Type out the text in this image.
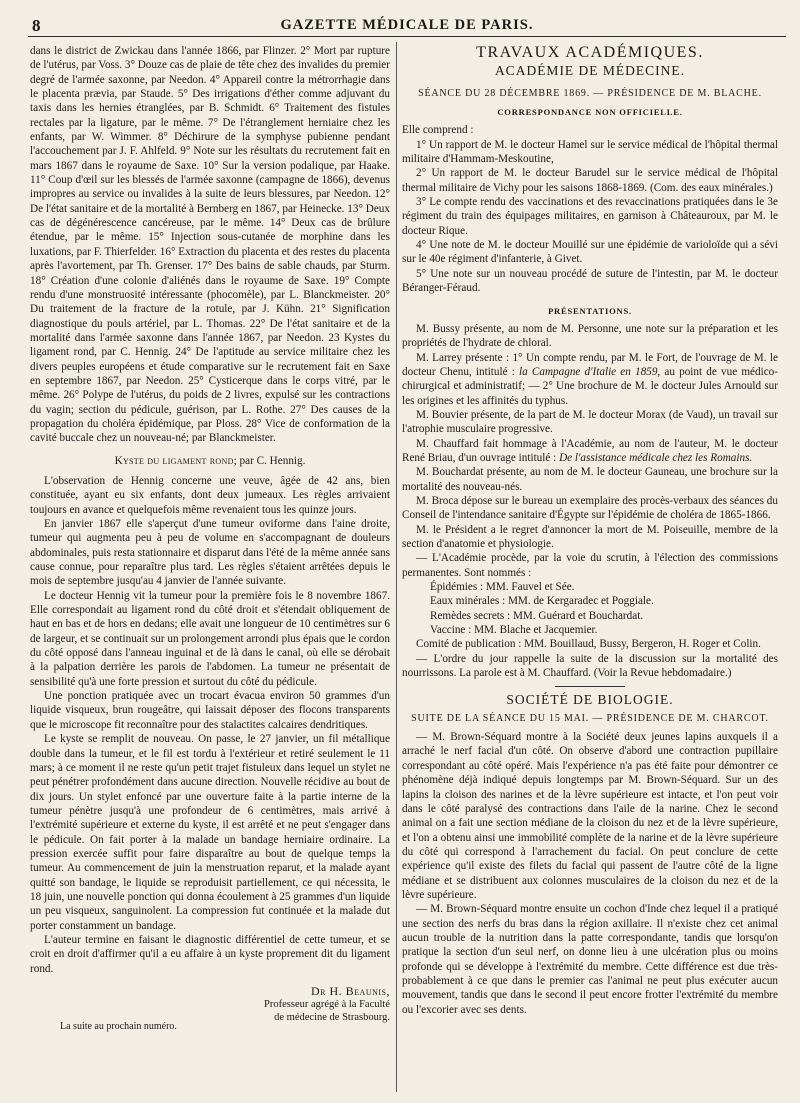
8	GAZETTE MÉDICALE DE PARIS.

dans le district de Zwickau dans l'année 1866, par Flinzer. 2° Mort par rupture de l'utérus, par Voss. 3° Douze cas de plaie de tête chez des invalides du premier degré de l'armée saxonne, par Needon. 4° Appareil contre la métrorrhagie dans le placenta prævia, par Staude. 5° Des irrigations d'éther comme adjuvant du taxis dans les hernies étranglées, par B. Schmidt. 6° Traitement des fistules rectales par la ligature, par le même. 7° De l'étranglement herniaire chez les enfants, par W. Wimmer. 8° Déchirure de la symphyse pubienne pendant l'accouchement par J. F. Ahlfeld. 9° Note sur les résultats du recrutement fait en mars 1867 dans le royaume de Saxe. 10° Sur la version podalique, par Haake. 11° Coup d'œil sur les blessés de l'armée saxonne (campagne de 1866), devenus impropres au service ou invalides à la suite de leurs blessures, par Needon. 12° De l'état sanitaire et de la mortalité à Bernberg en 1867, par Heinecke. 13° Deux cas de dégénérescence cancéreuse, par le même. 14° Deux cas de brûlure étendue, par le même. 15° Injection sous-cutanée de morphine dans les luxations, par F. Thierfelder. 16° Extraction du placenta et des restes du placenta après l'avortement, par Th. Grenser. 17° Des bains de sable chauds, par Sturm. 18° Création d'une colonie d'aliénés dans le royaume de Saxe. 19° Compte rendu d'une monstruosité intéressante (phocomèle), par L. Blanckmeister. 20° Du traitement de la fracture de la rotule, par J. Kühn. 21° Signification diagnostique du pouls artériel, par L. Thomas. 22° De l'état sanitaire et de la mortalité dans l'armée saxonne dans l'année 1867, par Needon. 23 Kystes du ligament rond, par C. Hennig. 24° De l'aptitude au service militaire chez les divers peuples européens et étude comparative sur le recrutement fait en Saxe en septembre 1867, par Needon. 25° Cysticerque dans le corps vitré, par le même. 26° Polype de l'utérus, du poids de 2 livres, expulsé sur les contractions du vagin; section du pédicule, guérison, par L. Rothe. 27° Des causes de la propagation du choléra épidémique, par Ploss. 28° Vice de conformation de la cavité buccale chez un nouveau-né; par Blanckmeister.

Kyste du ligament rond; par C. Hennig.

L'observation de Hennig concerne une veuve, âgée de 42 ans, bien constituée, ayant eu six enfants, dont deux jumeaux. Les règles arrivaient toujours en avance et quelquefois même revenaient tous les quinze jours.

En janvier 1867 elle s'aperçut d'une tumeur oviforme dans l'aine droite, tumeur qui augmenta peu à peu de volume en s'accompagnant de douleurs abdominales, puis resta stationnaire et disparut dans l'été de la même année sans cause connue, pour reparaître plus tard. Les règles s'étaient arrêtées depuis le mois de septembre jusqu'au 4 janvier de l'année suivante.

Le docteur Hennig vit la tumeur pour la première fois le 8 novembre 1867. Elle correspondait au ligament rond du côté droit et s'étendait obliquement de haut en bas et de hors en dedans; elle avait une longueur de 10 centimètres sur 6 de largeur, et se continuait sur un prolongement arrondi plus épais que le cordon du côté opposé dans l'anneau inguinal et de là dans le canal, où elle se dérobait à la palpation derrière les parois de l'abdomen. La tumeur ne présentait de sensibilité qu'à une forte pression et surtout du côté du pédicule.

Une ponction pratiquée avec un trocart évacua environ 50 grammes d'un liquide visqueux, brun rougeâtre, qui laissait déposer des flocons transparents que le microscope fit reconnaître pour des stalactites calcaires dendritiques.

Le kyste se remplit de nouveau. On passe, le 27 janvier, un fil métallique double dans la tumeur, et le fil est tordu à l'extérieur et retiré seulement le 11 mars; à ce moment il ne reste qu'un petit trajet fistuleux dans lequel un stylet ne peut pénétrer profondément dans aucune direction. Nouvelle récidive au bout de dix jours. Un stylet enfoncé par une ouverture faite à la partie interne de la tumeur pénètre jusqu'à une profondeur de 6 centimètres, mais arrivé à l'extrémité supérieure et externe du kyste, il est arrêté et ne peut s'engager dans le pédicule. On fait porter à la malade un bandage herniaire ordinaire. La pression exercée suffit pour faire disparaître au bout de quelque temps la tumeur. Au commencement de juin la menstruation reparut, et la malade ayant quitté son bandage, le liquide se reproduisit partiellement, ce qui nécessita, le 18 juin, une nouvelle ponction qui donna écoulement à 25 grammes d'un liquide un peu visqueux, sanguinolent. La compression fut continuée et la malade dut porter constamment un bandage.

L'auteur termine en faisant le diagnostic différentiel de cette tumeur, et se croit en droit d'affirmer qu'il a eu affaire à un kyste proprement dit du ligament rond.

Dr H. Beaunis,
Professeur agrégé à la Faculté
de médecine de Strasbourg.

La suite au prochain numéro.

TRAVAUX ACADÉMIQUES.
ACADÉMIE DE MÉDECINE.
SÉANCE DU 28 DÉCEMBRE 1869. — PRÉSIDENCE DE M. BLACHE.
CORRESPONDANCE NON OFFICIELLE.

Elle comprend :

1° Un rapport de M. le docteur Hamel sur le service médical de l'hôpital thermal militaire d'Hammam-Meskoutine,

2° Un rapport de M. le docteur Barudel sur le service médical de l'hôpital thermal militaire de Vichy pour les saisons 1868-1869. (Com. des eaux minérales.)

3° Le compte rendu des vaccinations et des revaccinations pratiquées dans le 3e régiment du train des équipages militaires, en garnison à Châteauroux, par M. le docteur Rique.

4° Une note de M. le docteur Mouillé sur une épidémie de varioloïde qui a sévi sur le 40e régiment d'infanterie, à Givet.

5° Une note sur un nouveau procédé de suture de l'intestin, par M. le docteur Béranger-Féraud.

PRÉSENTATIONS.

M. Bussy présente, au nom de M. Personne, une note sur la préparation et les propriétés de l'hydrate de chloral.

M. Larrey présente : 1° Un compte rendu, par M. le Fort, de l'ouvrage de M. le docteur Chenu, intitulé : la Campagne d'Italie en 1859, au point de vue médico-chirurgical et administratif; — 2° Une brochure de M. le docteur Jules Arnould sur les origines et les affinités du typhus.

M. Bouvier présente, de la part de M. le docteur Morax (de Vaud), un travail sur l'atrophie musculaire progressive.

M. Chauffard fait hommage à l'Académie, au nom de l'auteur, M. le docteur René Briau, d'un ouvrage intitulé : De l'assistance médicale chez les Romains.

M. Bouchardat présente, au nom de M. le docteur Gauneau, une brochure sur la mortalité des nouveau-nés.

M. Broca dépose sur le bureau un exemplaire des procès-verbaux des séances du Conseil de l'intendance sanitaire d'Égypte sur l'épidémie de choléra de 1865-1866.

M. le Président a le regret d'annoncer la mort de M. Poiseuille, membre de la section d'anatomie et physiologie.

— L'Académie procède, par la voie du scrutin, à l'élection des commissions permanentes. Sont nommés :

Épidémies : MM. Fauvel et Sée.
Eaux minérales : MM. de Kergaradec et Poggiale.
Remèdes secrets : MM. Guérard et Bouchardat.
Vaccine : MM. Blache et Jacquemier.

Comité de publication : MM. Bouillaud, Bussy, Bergeron, H. Roger et Colin.

— L'ordre du jour rappelle la suite de la discussion sur la mortalité des nourrissons. La parole est à M. Chauffard. (Voir la Revue hebdomadaire.)

SOCIÉTÉ DE BIOLOGIE.
SUITE DE LA SÉANCE DU 15 MAI. — PRÉSIDENCE DE M. CHARCOT.

— M. Brown-Séquard montre à la Société deux jeunes lapins auxquels il a arraché le nerf facial d'un côté. On observe d'abord une contraction pupillaire correspondant au côté opéré. Mais l'expérience n'a pas été faite pour démontrer ce phénomène déjà indiqué depuis longtemps par M. Brown-Séquard. Sur un des lapins la cloison des narines et de la lèvre supérieure est intacte, et l'on peut voir dans le côté paralysé des contractions dans l'aile de la narine. Chez le second animal on a fait une section médiane de la cloison du nez et de la lèvre supérieure, et l'on a obtenu ainsi une immobilité complète de la narine et de la lèvre supérieure du côté qui correspond à l'arrachement du facial. On peut conclure de cette expérience qu'il existe des filets du facial qui passent de l'autre côté de la ligne médiane et se distribuent aux colonnes musculaires de la cloison du nez et de la lèvre supérieure.

— M. Brown-Séquard montre ensuite un cochon d'Inde chez lequel il a pratiqué une section des nerfs du bras dans la région axillaire. Il n'existe chez cet animal aucun trouble de la nutrition dans la patte correspondante, tandis que lorsqu'on pratique la section d'un seul nerf, on donne lieu à une ulcération plus ou moins profonde qui se développe à l'extrémité du membre. Cette différence est due très-probablement à ce que dans le premier cas l'animal ne peut plus exécuter aucun mouvement, tandis que dans le second il peut encore frotter l'extrémité du membre ou l'excorier avec ses dents.
